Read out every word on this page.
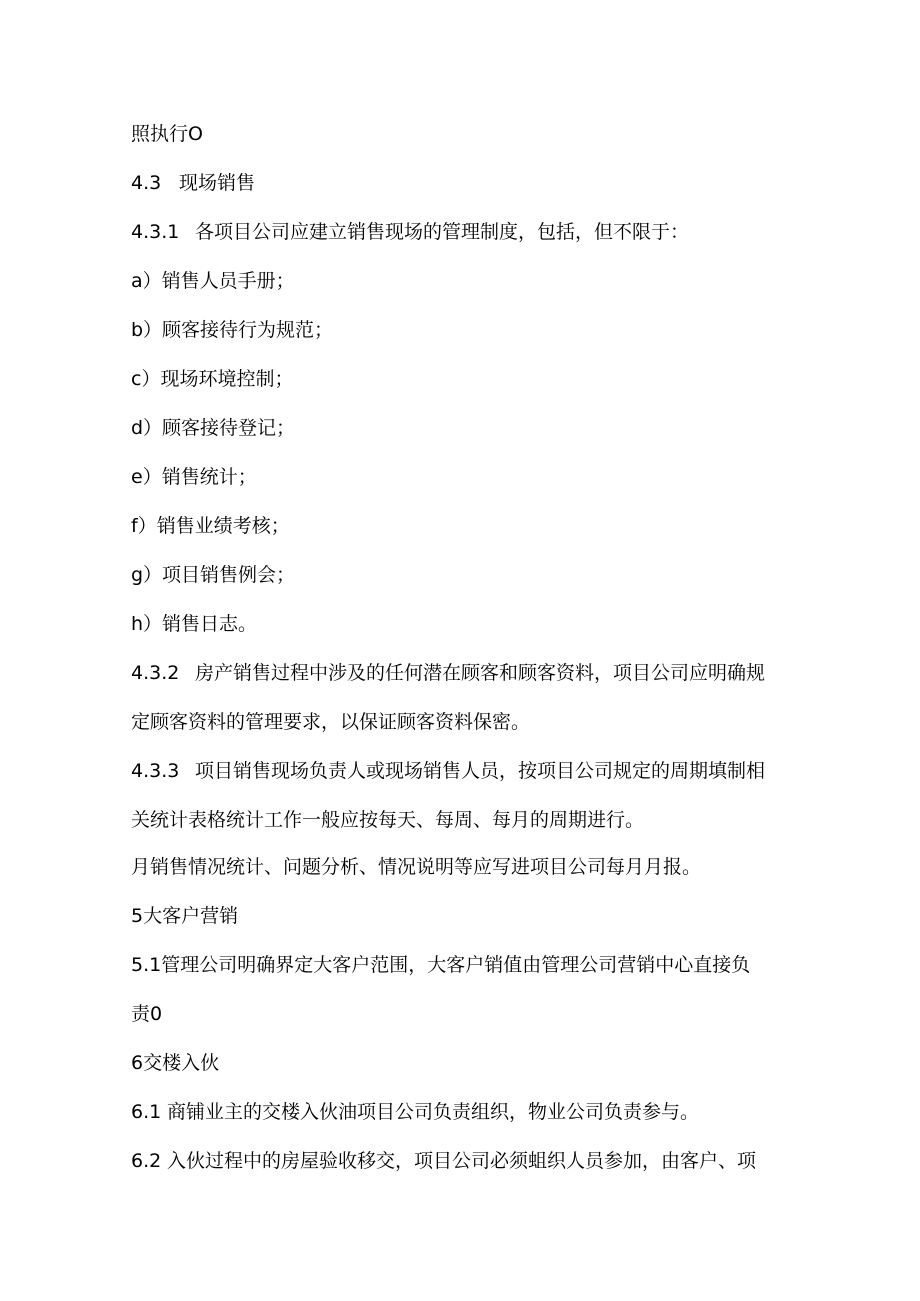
照执行O

4.3 现场销售

4.3.1 各项目公司应建立销售现场的管理制度，包括，但不限于：

a）销售人员手册；

b）顾客接待行为规范；

c）现场环境控制；

d）顾客接待登记；

e）销售统计；

f）销售业绩考核；

g）项目销售例会；

h）销售日志。

4.3.2 房产销售过程中涉及的任何潜在顾客和顾客资料，项目公司应明确规

定顾客资料的管理要求，以保证顾客资料保密。

4.3.3 项目销售现场负责人或现场销售人员，按项目公司规定的周期填制相

关统计表格统计工作一般应按每天、每周、每月的周期进行。

月销售情况统计、问题分析、情况说明等应写进项目公司每月月报。

5大客户营销

5.1管理公司明确界定大客户范围，大客户销值由管理公司营销中心直接负

责0

6交楼入伙

6.1 商铺业主的交楼入伙油项目公司负责组织，物业公司负责参与。

6.2 入伙过程中的房屋验收移交，项目公司必须蛆织人员参加，由客户、项
